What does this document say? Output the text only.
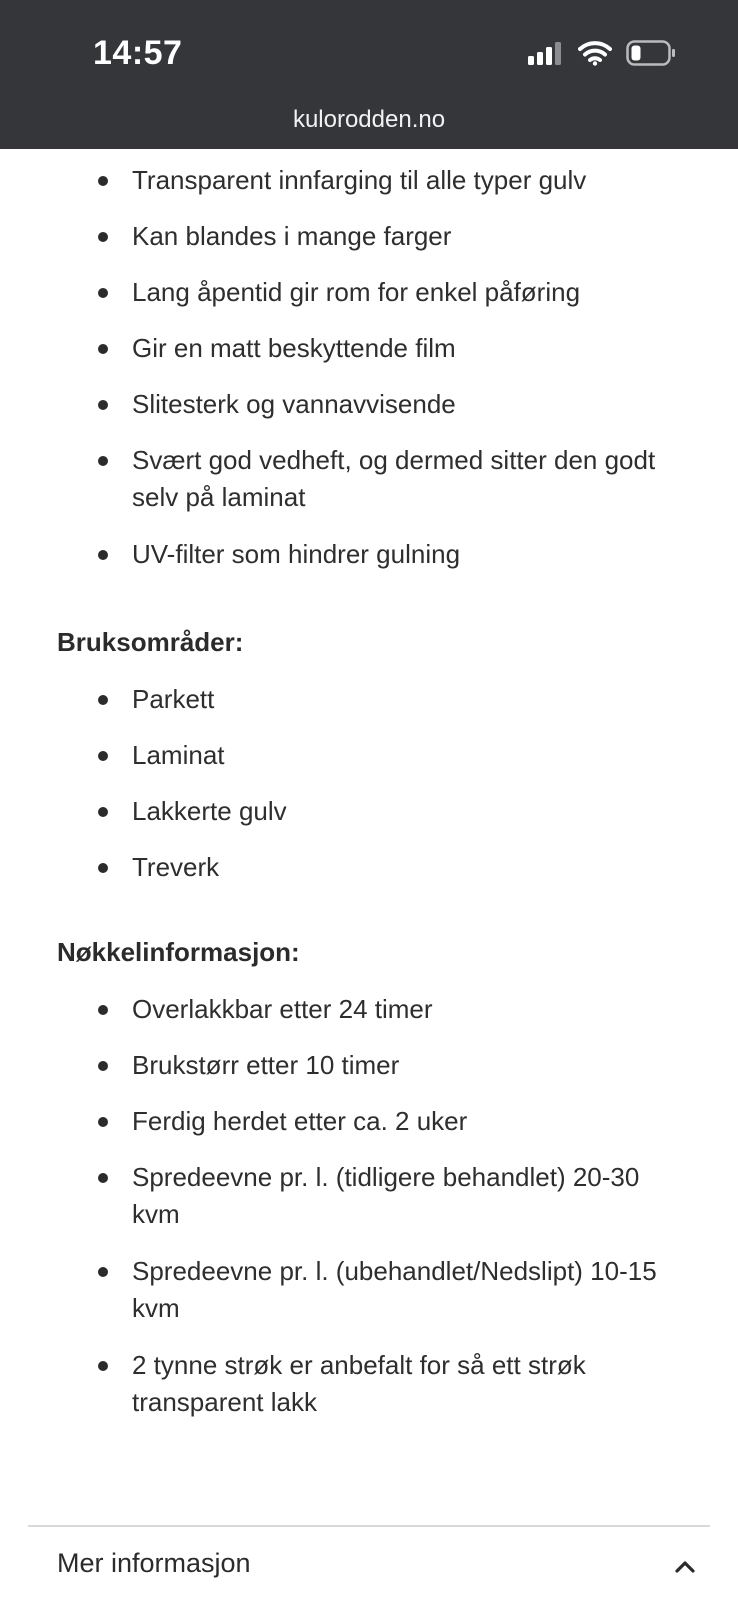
14:57
kulorodden.no
Transparent innfarging til alle typer gulv
Kan blandes i mange farger
Lang åpentid gir rom for enkel påføring
Gir en matt beskyttende film
Slitesterk og vannavvisende
Svært god vedheft, og dermed sitter den godt selv på laminat
UV-filter som hindrer gulning
Bruksområder:
Parkett
Laminat
Lakkerte gulv
Treverk
Nøkkelinformasjon:
Overlakkbar etter 24 timer
Brukstørr etter 10 timer
Ferdig herdet etter ca. 2 uker
Spredeevne pr. l. (tidligere behandlet) 20-30 kvm
Spredeevne pr. l. (ubehandlet/Nedslipt) 10-15 kvm
2 tynne strøk er anbefalt for så ett strøk transparent lakk
Mer informasjon
